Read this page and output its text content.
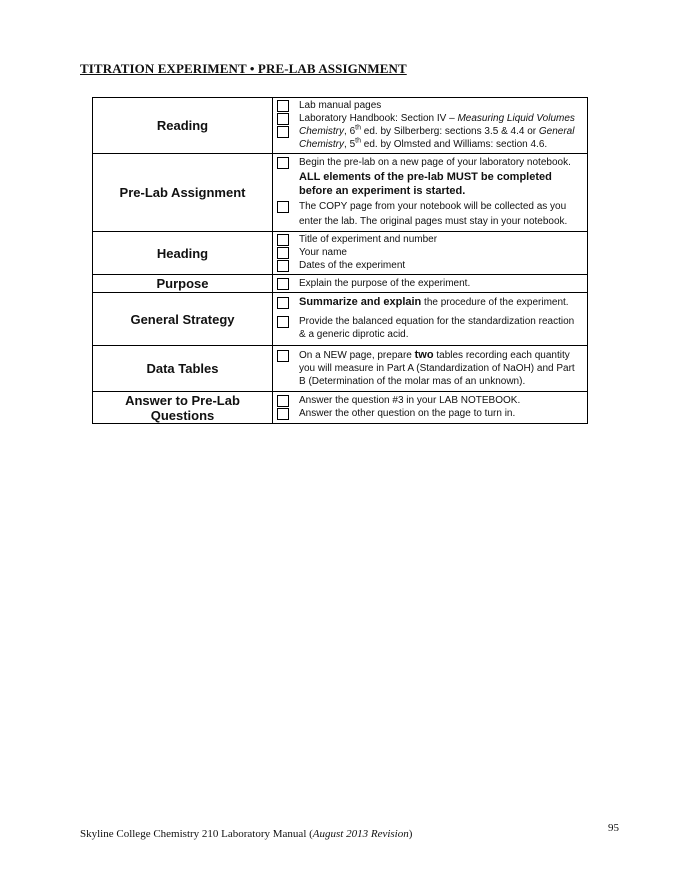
TITRATION EXPERIMENT • PRE-LAB ASSIGNMENT
Reading	Lab manual pages
Laboratory Handbook: Section IV – Measuring Liquid Volumes
Chemistry, 6th ed. by Silberberg: sections 3.5 & 4.4 or General Chemistry, 5th ed. by Olmsted and Williams: section 4.6.

Pre-Lab Assignment	Begin the pre-lab on a new page of your laboratory notebook.
ALL elements of the pre-lab MUST be completed before an experiment is started.
The COPY page from your notebook will be collected as you enter the lab. The original pages must stay in your notebook.

Heading	Title of experiment and number
Your name
Dates of the experiment

Purpose	Explain the purpose of the experiment.

General Strategy	Summarize and explain the procedure of the experiment.
Provide the balanced equation for the standardization reaction & a generic diprotic acid.

Data Tables	On a NEW page, prepare two tables recording each quantity you will measure in Part A (Standardization of NaOH) and Part B (Determination of the molar mas of an unknown).

Answer to Pre-Lab Questions	Answer the question #3 in your LAB NOTEBOOK.
Answer the other question on the page to turn in.
95
Skyline College Chemistry 210 Laboratory Manual (August 2013 Revision)
